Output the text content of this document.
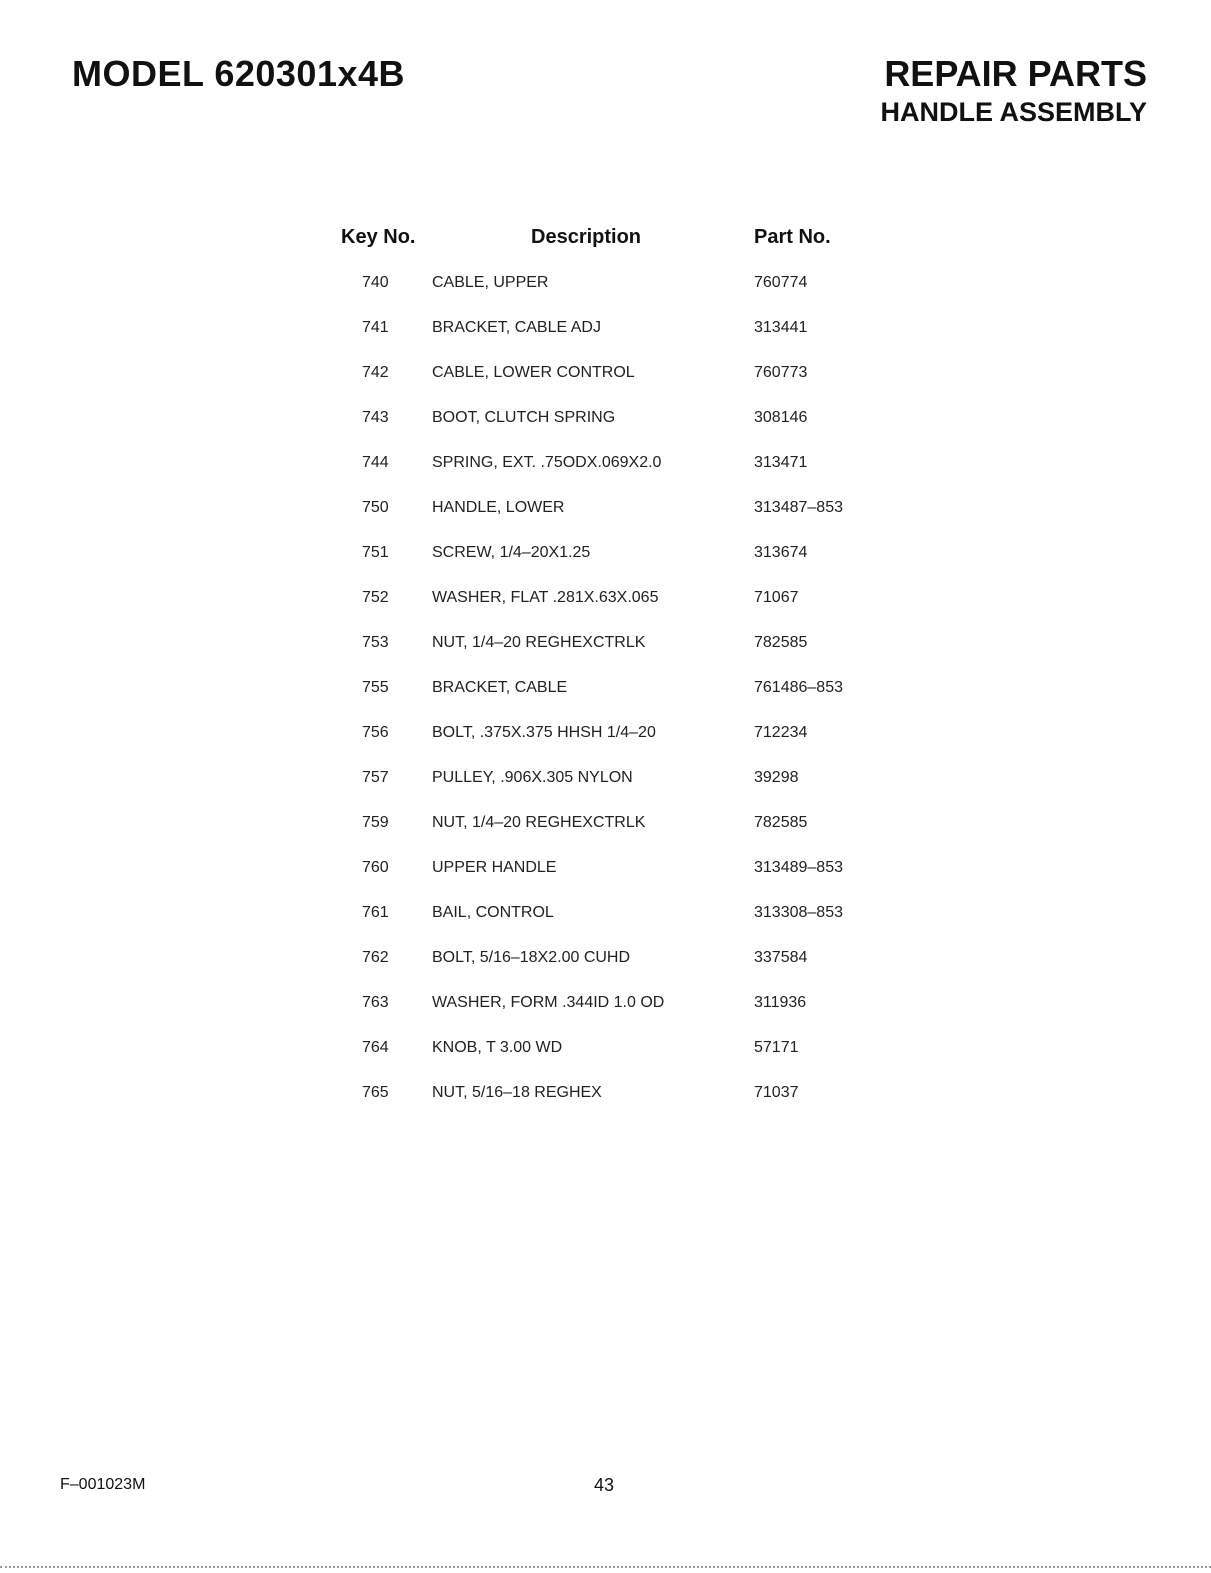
MODEL 620301x4B	REPAIR PARTS
HANDLE ASSEMBLY
Key No.	Description	Part No.
740	CABLE, UPPER	760774
741	BRACKET, CABLE ADJ	313441
742	CABLE, LOWER CONTROL	760773
743	BOOT, CLUTCH SPRING	308146
744	SPRING, EXT. .75ODX.069X2.0	313471
750	HANDLE, LOWER	313487–853
751	SCREW, 1/4–20X1.25	313674
752	WASHER, FLAT .281X.63X.065	71067
753	NUT, 1/4–20 REGHEXCTRLK	782585
755	BRACKET, CABLE	761486–853
756	BOLT, .375X.375 HHSH 1/4–20	712234
757	PULLEY, .906X.305 NYLON	39298
759	NUT, 1/4–20 REGHEXCTRLK	782585
760	UPPER HANDLE	313489–853
761	BAIL, CONTROL	313308–853
762	BOLT, 5/16–18X2.00 CUHD	337584
763	WASHER, FORM .344ID 1.0 OD	311936
764	KNOB, T 3.00 WD	57171
765	NUT, 5/16–18 REGHEX	71037
F–001023M	43
